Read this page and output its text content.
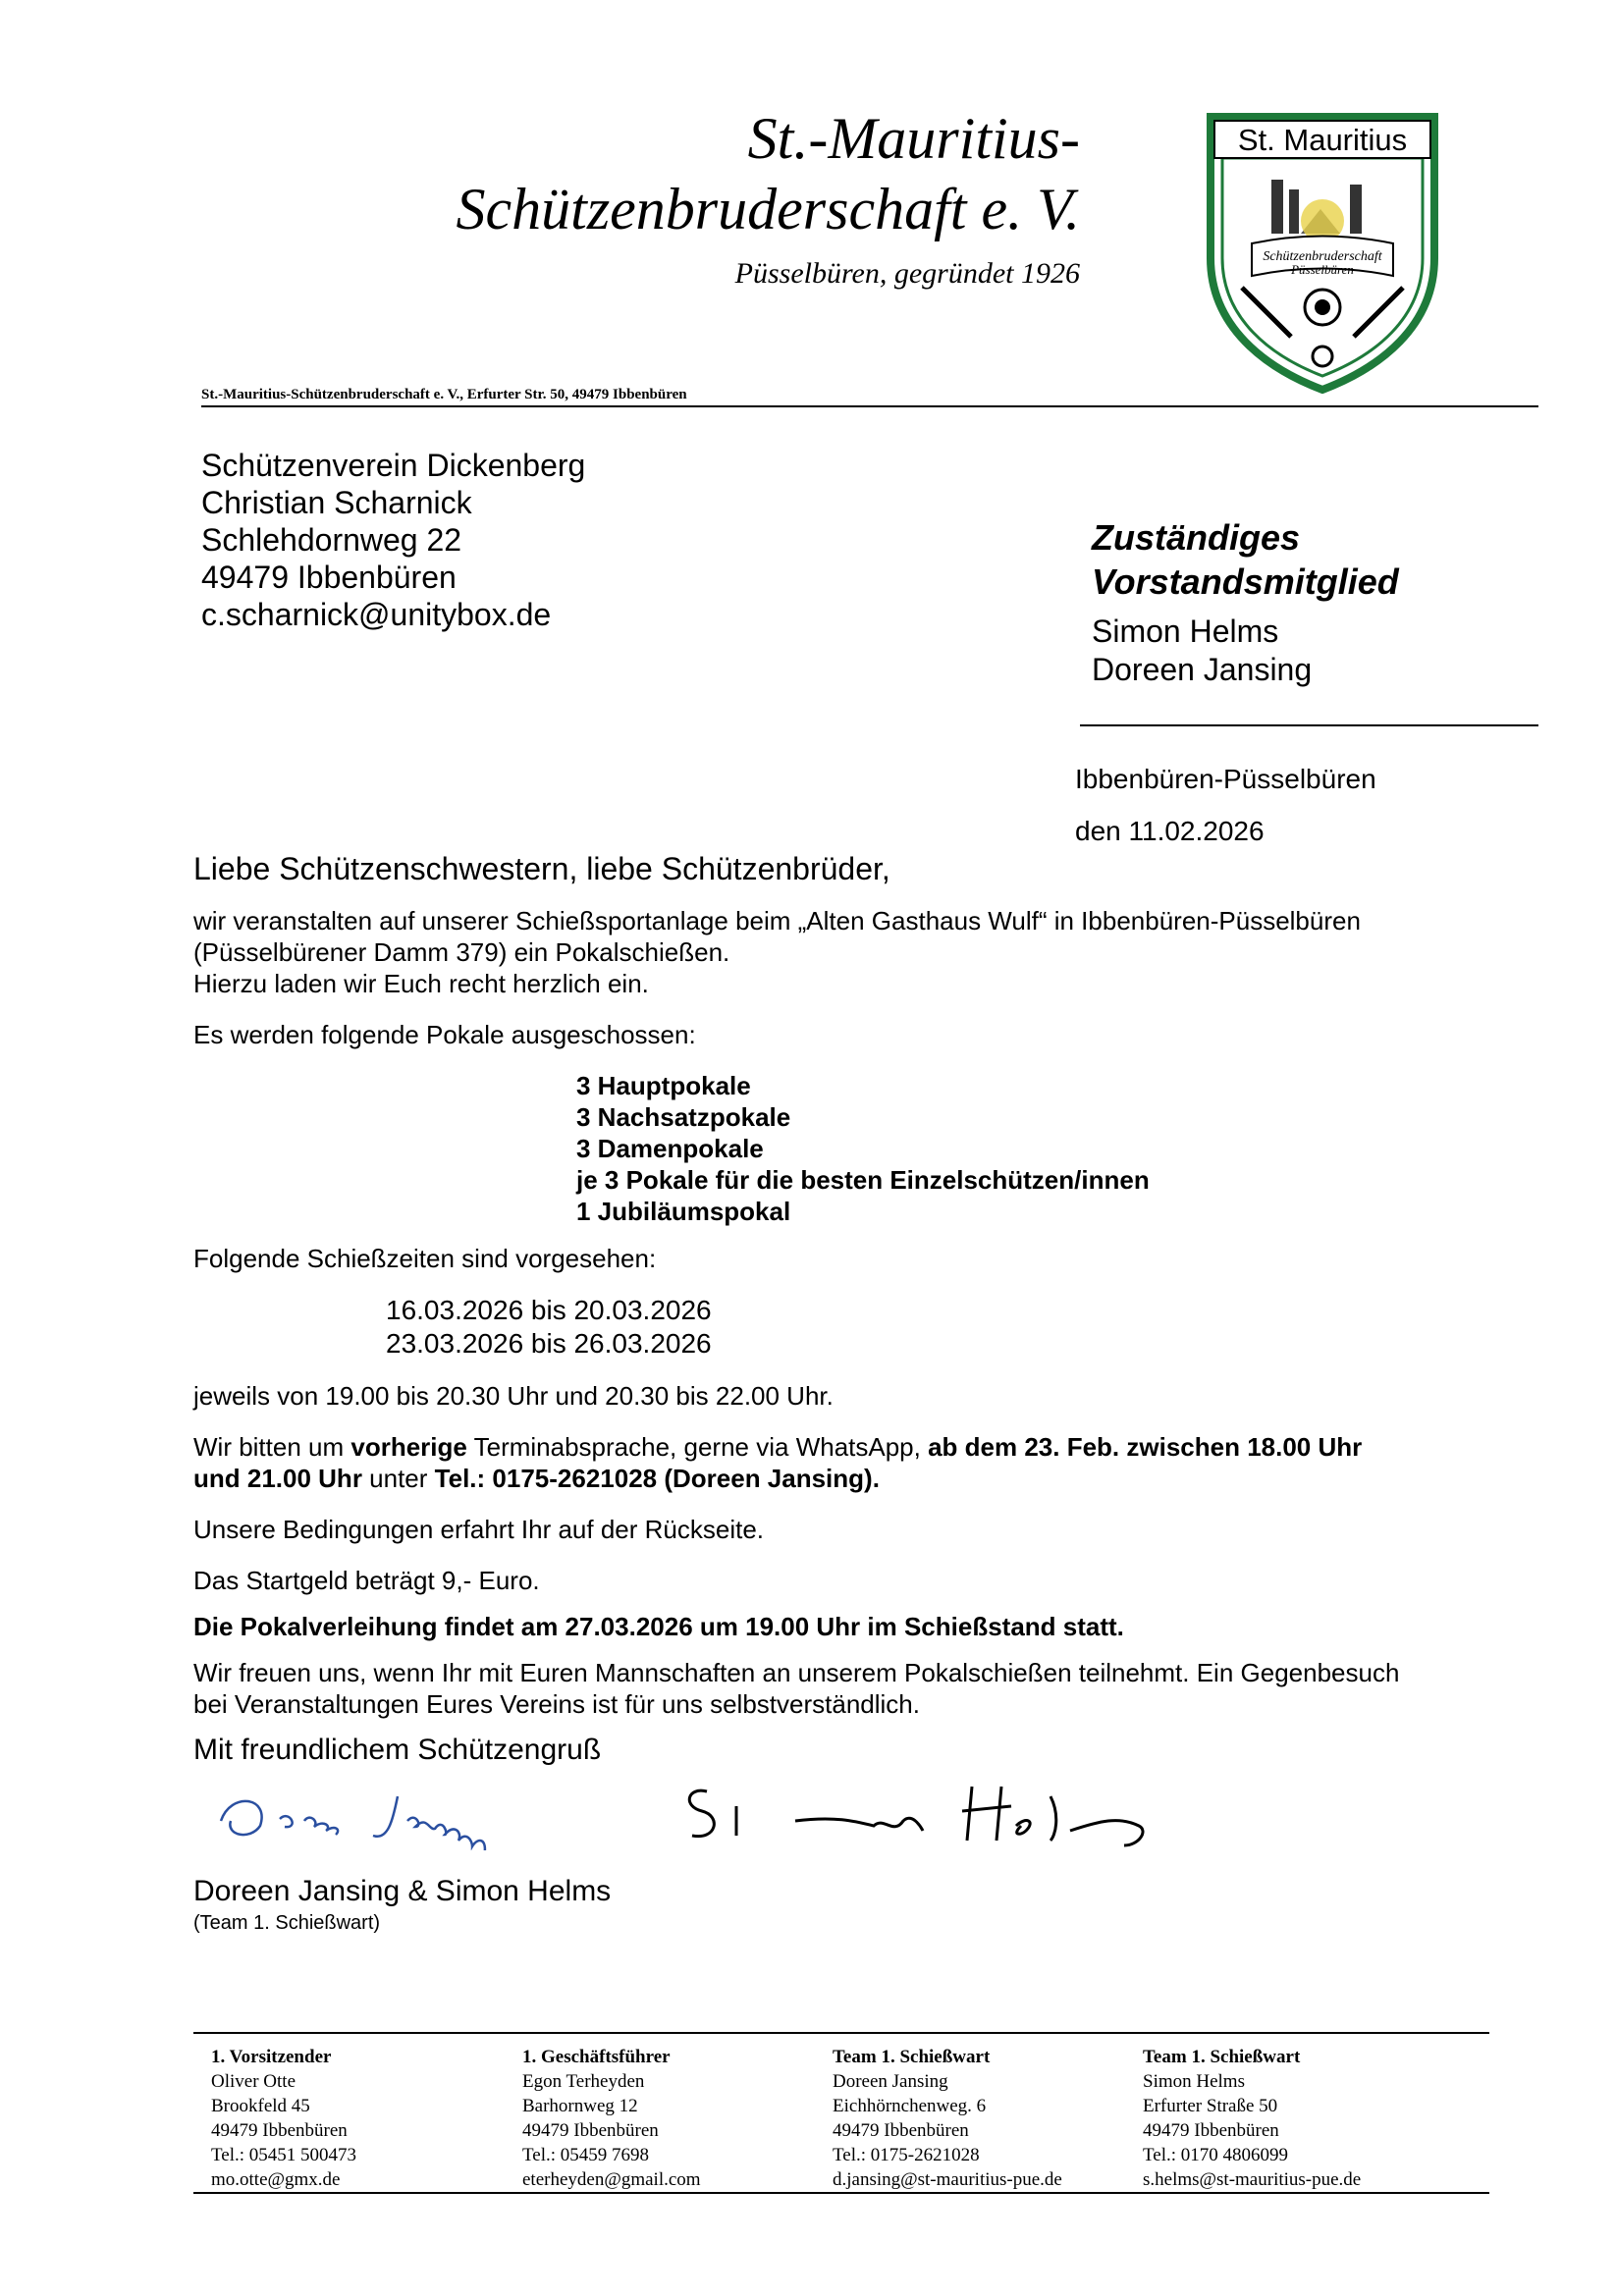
St.-Mauritius-
Schützenbruderschaft e. V.
Püsselbüren, gegründet 1926
St. Mauritius
Schützenbruderschaft
Püsselbüren
St.-Mauritius-Schützenbruderschaft e. V., Erfurter Str. 50, 49479 Ibbenbüren
Schützenverein Dickenberg
Christian Scharnick
Schlehdornweg 22
49479 Ibbenbüren
c.scharnick@unitybox.de
Zuständiges
Vorstandsmitglied
Simon Helms
Doreen Jansing
Ibbenbüren-Püsselbüren
den 11.02.2026
Liebe Schützenschwestern, liebe Schützenbrüder,
wir veranstalten auf unserer Schießsportanlage beim „Alten Gasthaus Wulf“ in Ibbenbüren-Püsselbüren
(Püsselbürener Damm 379) ein Pokalschießen.
Hierzu laden wir Euch recht herzlich ein.
Es werden folgende Pokale ausgeschossen:
3 Hauptpokale
3 Nachsatzpokale
3 Damenpokale
je 3 Pokale für die besten Einzelschützen/innen
1 Jubiläumspokal
Folgende Schießzeiten sind vorgesehen:
16.03.2026 bis 20.03.2026
23.03.2026 bis 26.03.2026
jeweils von 19.00 bis 20.30 Uhr und 20.30 bis 22.00 Uhr.
Wir bitten um vorherige Terminabsprache, gerne via WhatsApp, ab dem 23. Feb. zwischen 18.00 Uhr
und 21.00 Uhr unter Tel.: 0175-2621028 (Doreen Jansing).
Unsere Bedingungen erfahrt Ihr auf der Rückseite.
Das Startgeld beträgt 9,- Euro.
Die Pokalverleihung findet am 27.03.2026 um 19.00 Uhr im Schießstand statt.
Wir freuen uns, wenn Ihr mit Euren Mannschaften an unserem Pokalschießen teilnehmt. Ein Gegenbesuch
bei Veranstaltungen Eures Vereins ist für uns selbstverständlich.
Mit freundlichem Schützengruß
Doreen Jansing & Simon Helms
(Team 1. Schießwart)
1. Vorsitzender
Oliver Otte
Brookfeld 45
49479 Ibbenbüren
Tel.: 05451 500473
mo.otte@gmx.de
1. Geschäftsführer
Egon Terheyden
Barhornweg 12
49479 Ibbenbüren
Tel.: 05459 7698
eterheyden@gmail.com
Team 1. Schießwart
Doreen Jansing
Eichhörnchenweg. 6
49479 Ibbenbüren
Tel.: 0175-2621028
d.jansing@st-mauritius-pue.de
Team 1. Schießwart
Simon Helms
Erfurter Straße 50
49479 Ibbenbüren
Tel.: 0170 4806099
s.helms@st-mauritius-pue.de
